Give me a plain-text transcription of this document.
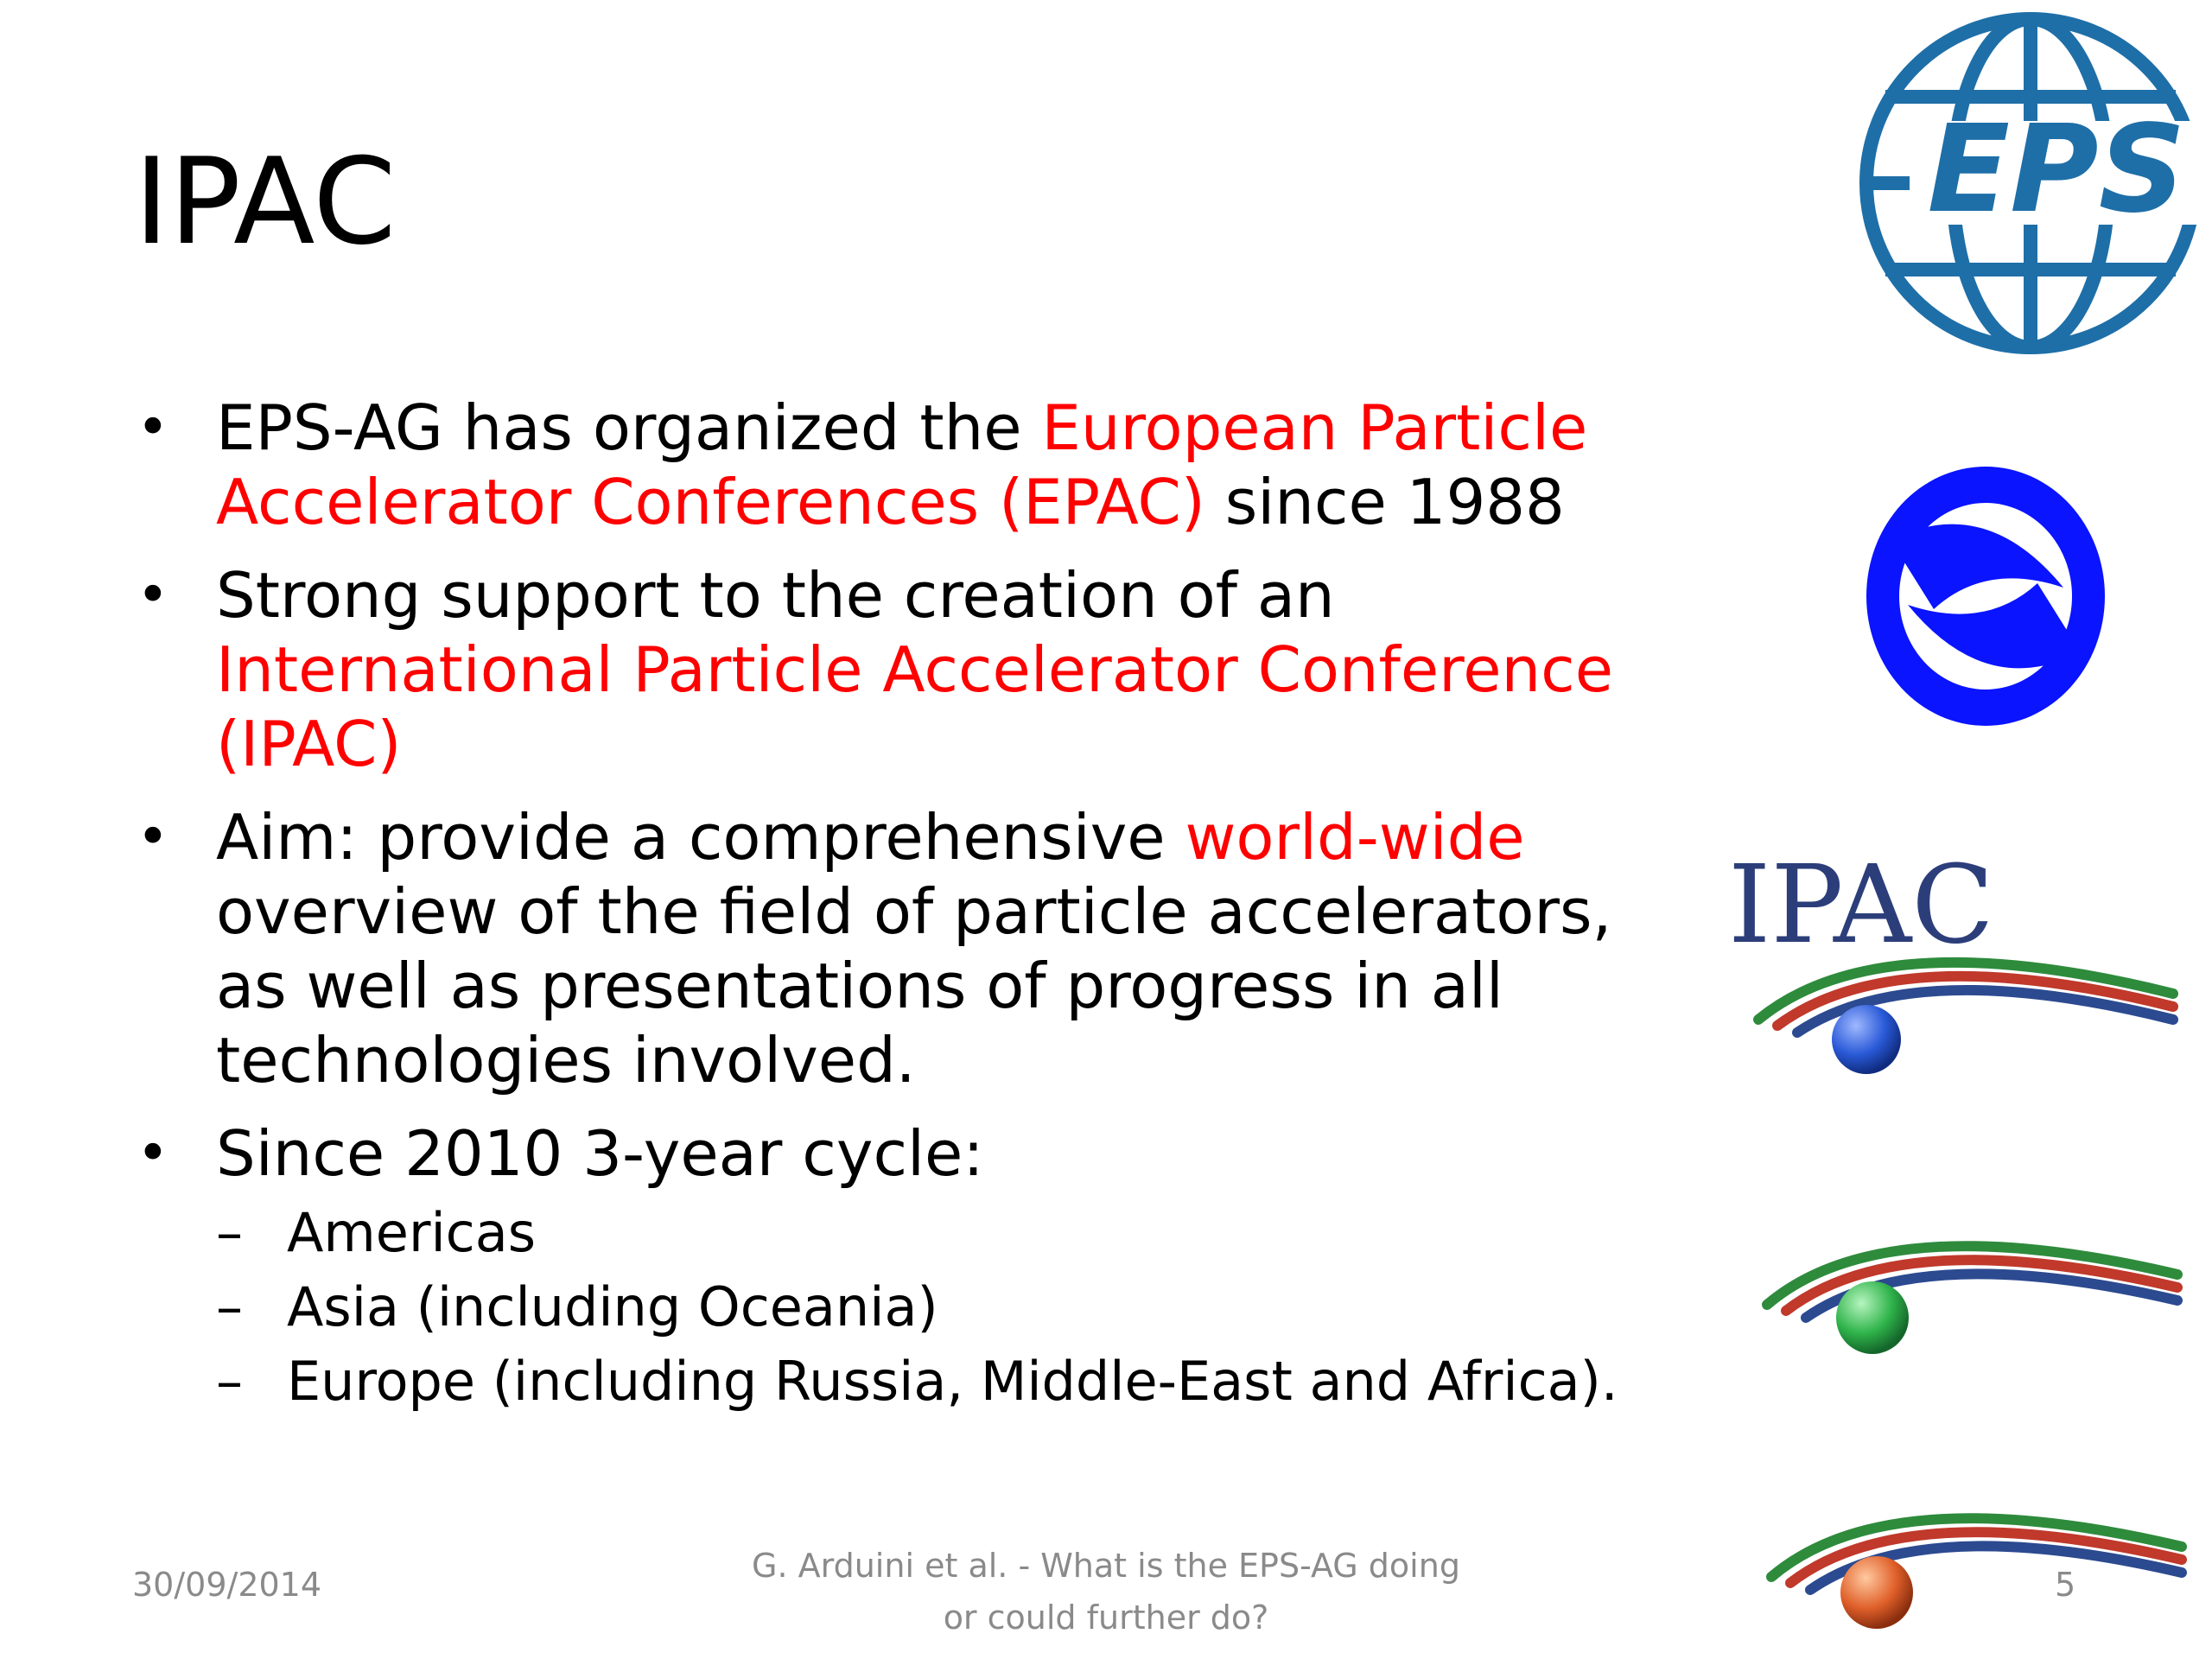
IPAC
• EPS-AG has organized the European Particle
Accelerator Conferences (EPAC) since 1988
• Strong support to the creation of an
International Particle Accelerator Conference
(IPAC)
• Aim: provide a comprehensive world-wide
overview of the field of particle accelerators,
as well as presentations of progress in all
technologies involved.
• Since 2010 3-year cycle:
– Americas
– Asia (including Oceania)
– Europe (including Russia, Middle-East and Africa).
EPS
IPAC
30/09/2014	G. Arduini et al. - What is the EPS-AG doing
or could further do?
5
